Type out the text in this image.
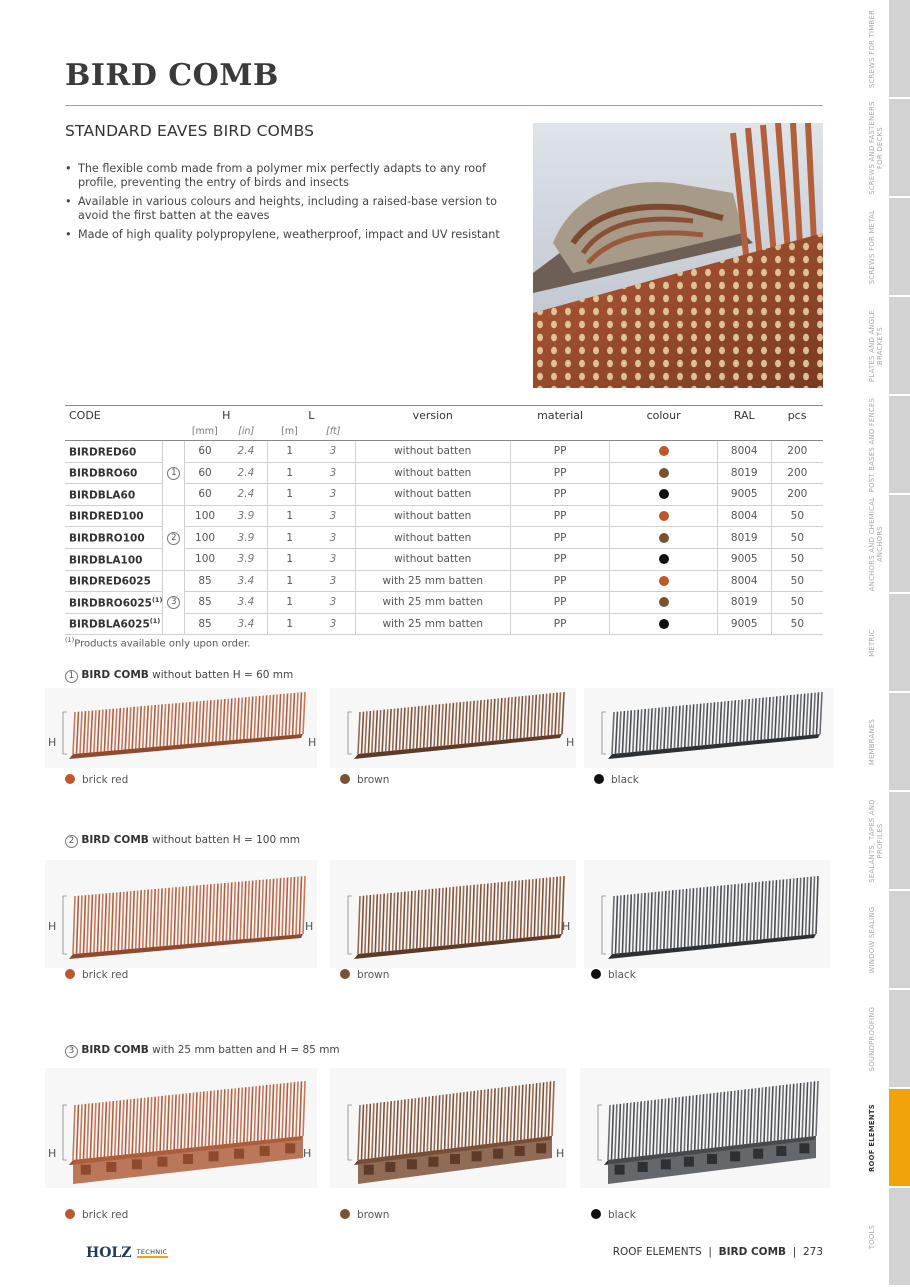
BIRD COMB
STANDARD EAVES BIRD COMBS
• The flexible comb made from a polymer mix perfectly adapts to any roof profile, preventing the entry of birds and insects
• Available in various colours and heights, including a raised-base version to avoid the first batten at the eaves
• Made of high quality polypropylene, weatherproof, impact and UV resistant
CODE		H		L		version	material	colour	RAL	pcs
		[mm]	[in]	[m]	[ft]					
BIRDRED60	1	60	2.4	1	3	without batten	PP		8004	200
BIRDBRO60		60	2.4	1	3	without batten	PP		8019	200
BIRDBLA60		60	2.4	1	3	without batten	PP		9005	200
BIRDRED100	2	100	3.9	1	3	without batten	PP		8004	50
BIRDBRO100		100	3.9	1	3	without batten	PP		8019	50
BIRDBLA100		100	3.9	1	3	without batten	PP		9005	50
BIRDRED6025	3	85	3.4	1	3	with 25 mm batten	PP		8004	50
BIRDBRO6025$^{(1)}$		85	3.4	1	3	with 25 mm batten	PP		8019	50
BIRDBLA6025$^{(1)}$		85	3.4	1	3	with 25 mm batten	PP		9005	50
$^{(1)}$Products available only upon order.
1 BIRD COMB without batten H = 60 mm
2 BIRD COMB without batten H = 100 mm
3 BIRD COMB with 25 mm batten and H = 85 mm
H
brick red
H
brown
H
black
H
brick red
H
brown
H
black
H
brick red
H
brown
H
black
SCREWS FOR TIMBER
SCREWS AND FASTENERS FOR DECKS
SCREWS FOR METAL
PLATES AND ANGLE BRACKETS
POST BASES AND FENCES
ANCHORS AND CHEMICAL ANCHORS
METRIC
MEMBRANES
SEALANTS, TAPES AND PROFILES
WINDOW SEALING
SOUNDPROOFING
ROOF ELEMENTS
TOOLS
HOLZ TECHNIC	ROOF ELEMENTS | BIRD COMB | 273
